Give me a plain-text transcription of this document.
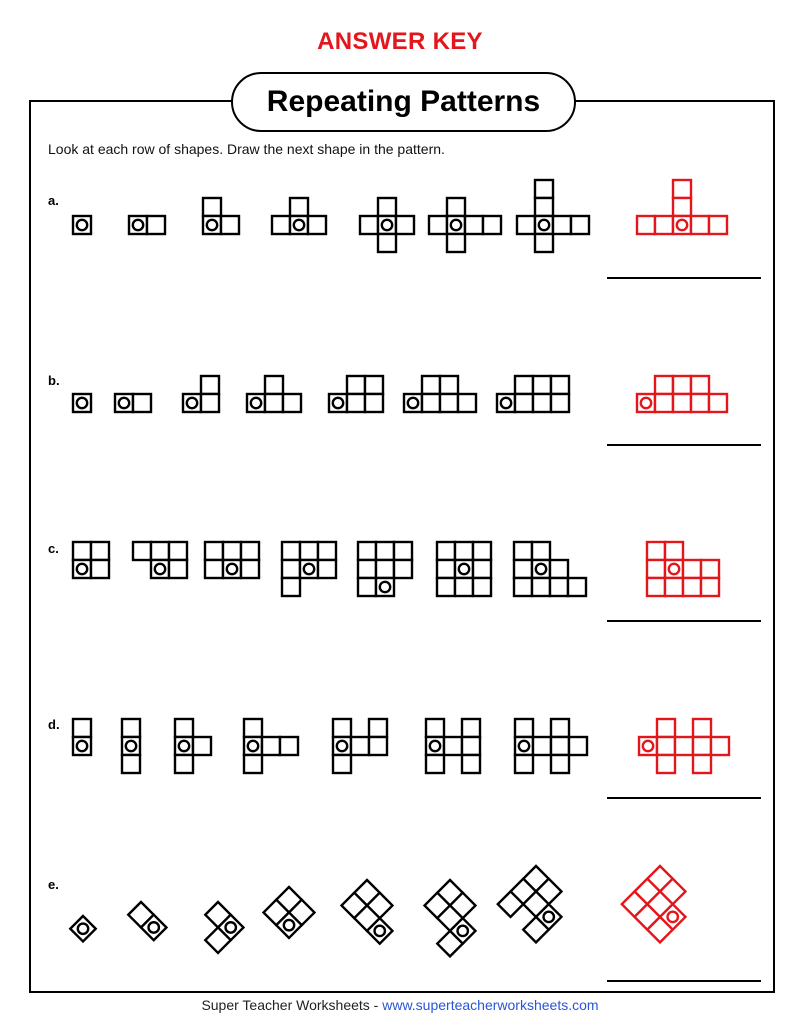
ANSWER KEY
Repeating Patterns
Look at each row of shapes. Draw the next shape in the pattern.
a.
b.
c.
d.
e.
Super Teacher Worksheets - www.superteacherworksheets.com
